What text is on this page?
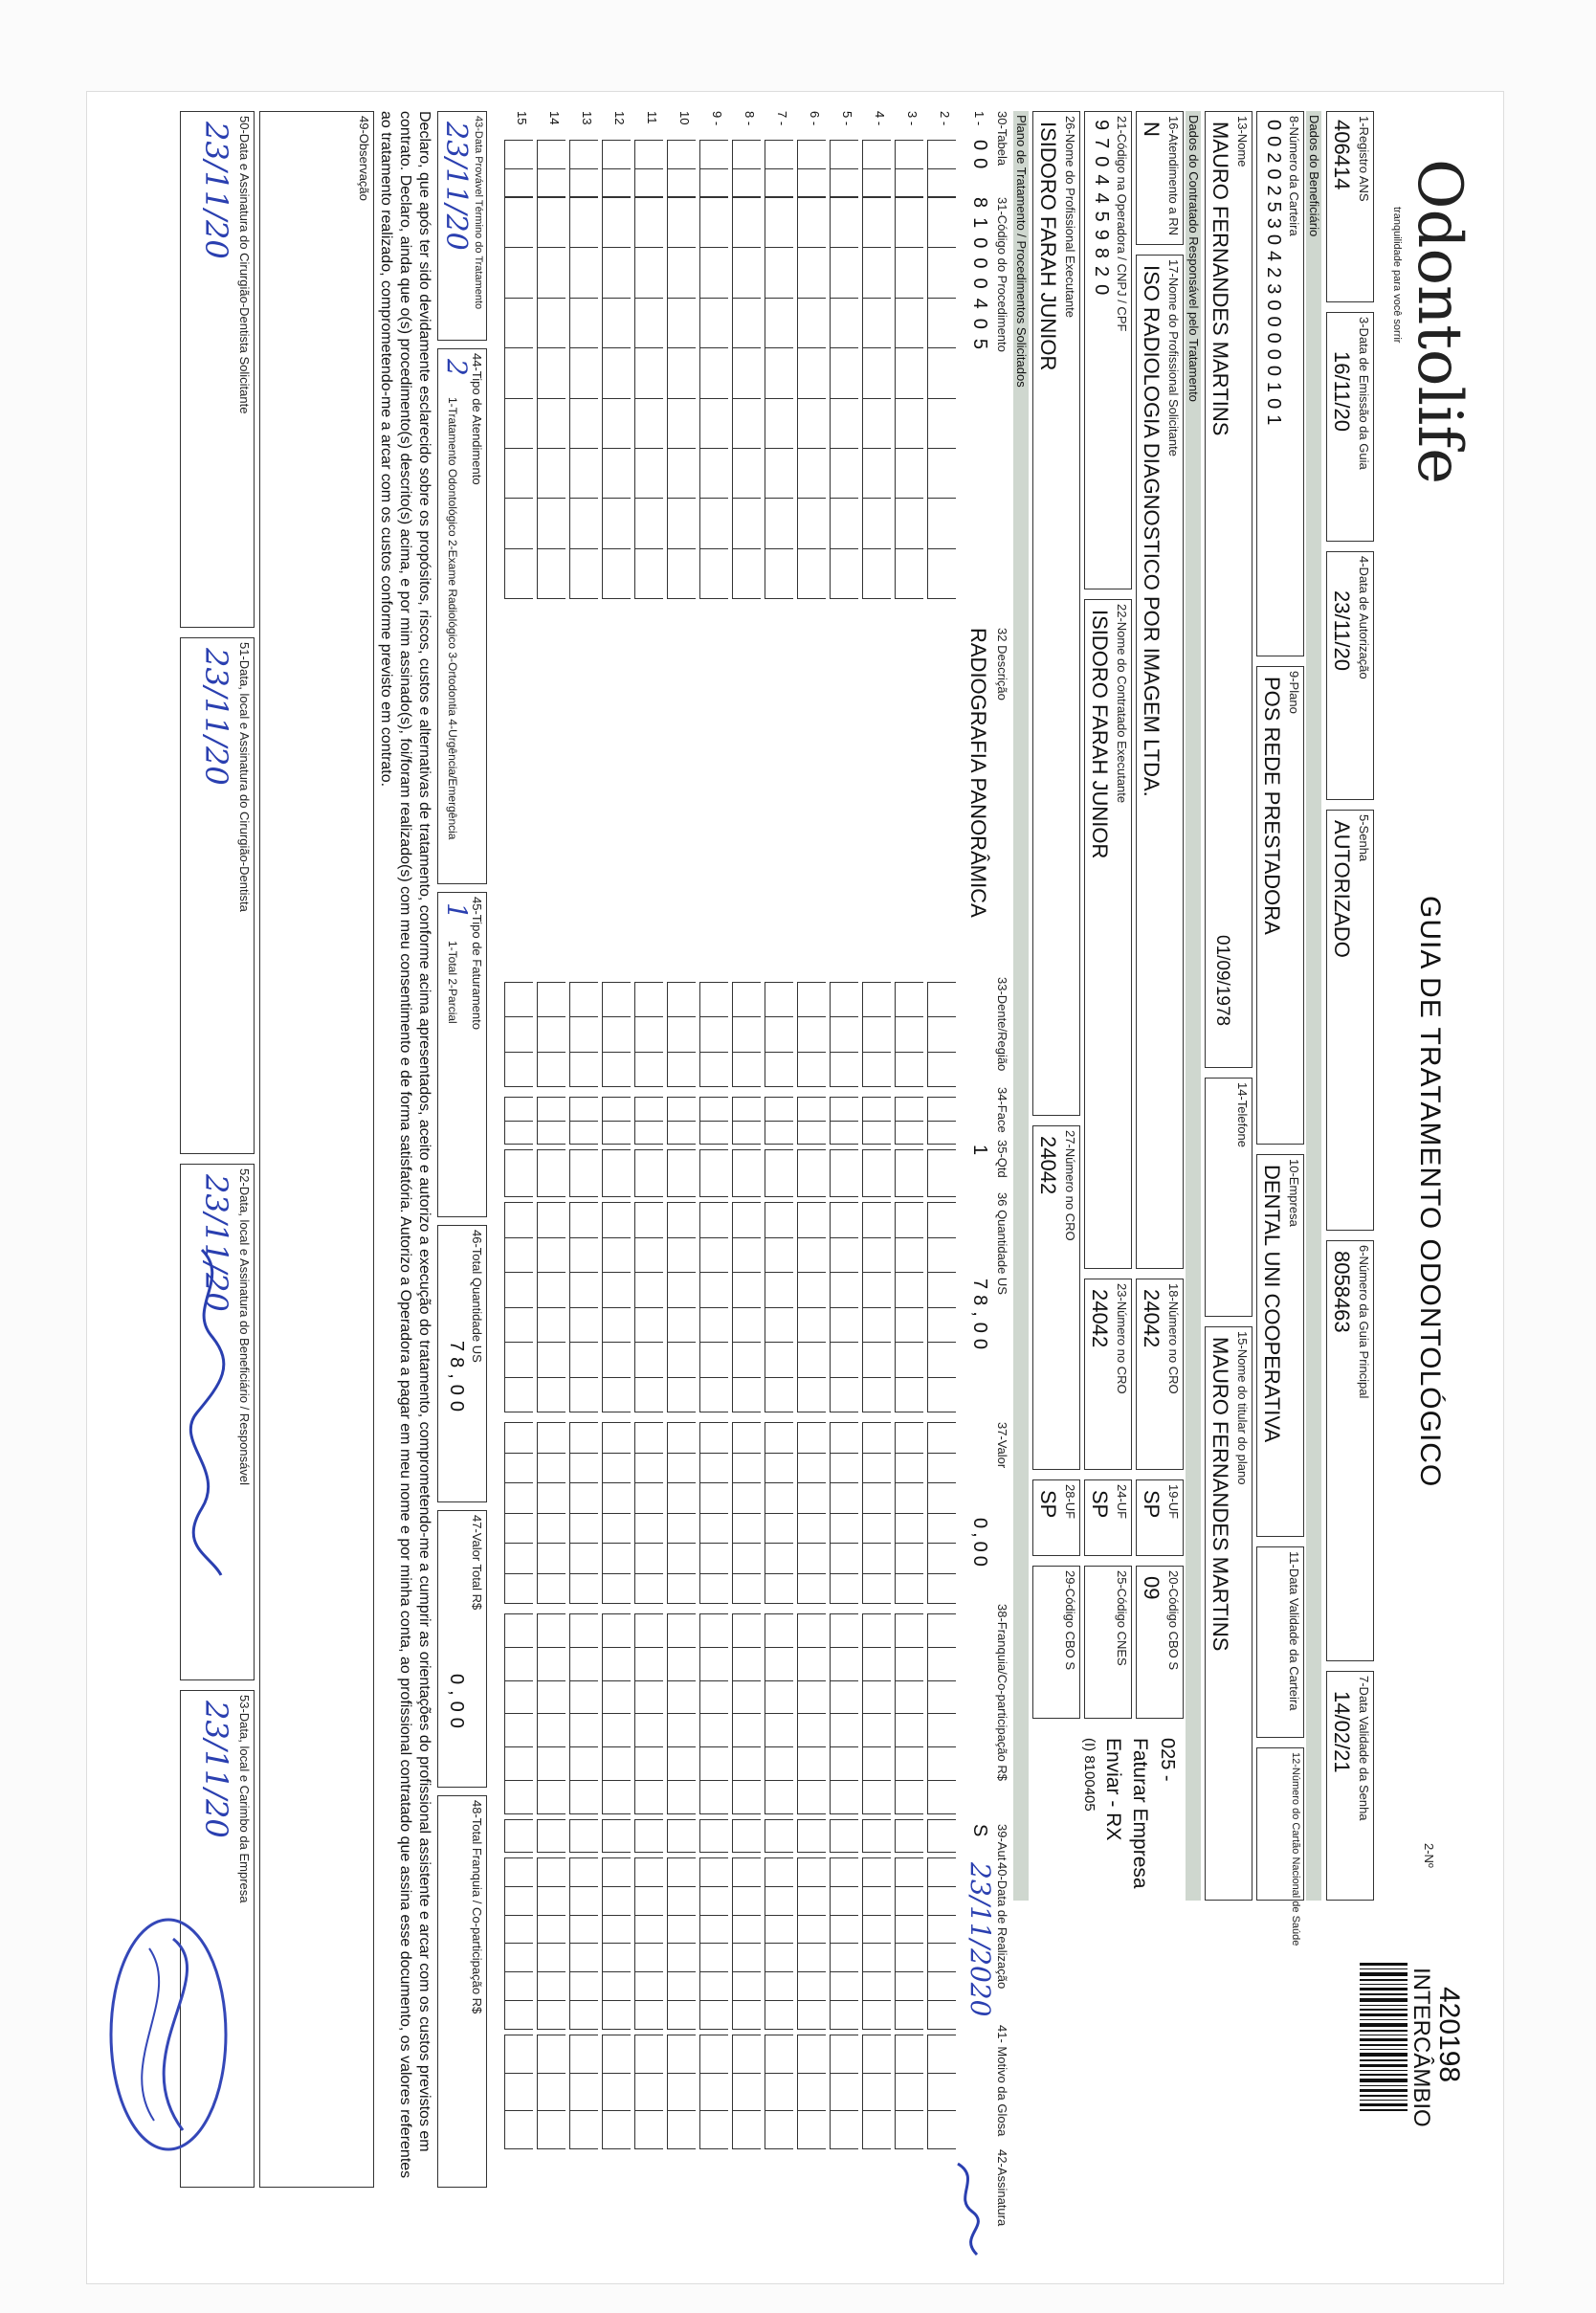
Odontolife
tranquilidade para você sorrir
GUIA DE TRATAMENTO ODONTOLÓGICO
2-Nº
420198
INTERCÂMBIO
1-Registro ANS
406414
3-Data de Emissão da Guia
16/11/20
4-Data de Autorização
23/11/20
5-Senha
AUTORIZADO
6-Número da Guia Principal
8058463
7-Data Validade da Senha
14/02/21
Dados do Beneficiário
8-Número da Carteira
0020253042300000101
9-Plano
POS REDE PRESTADORA
10-Empresa
DENTAL UNI COOPERATIVA
11-Data Validade da Carteira
12-Número do Cartão Nacional de Saúde
13-Nome
MAURO FERNANDES MARTINS
01/09/1978
14-Telefone
15-Nome do titular do plano
MAURO FERNANDES MARTINS
Dados do Contratado Responsável pelo Tratamento
16-Atendimento a RN
N
17-Nome do Profissional Solicitante
ISO RADIOLOGIA DIAGNOSTICO POR IMAGEM LTDA.
18-Número no CRO
24042
19-UF
SP
20-Código CBO S
09
025 -
21-Código na Operadora / CNPJ / CPF
9704459820
22-Nome do Contratado Executante
ISIDORO FARAH JUNIOR
23-Número no CRO
24042
24-UF
SP
25-Código CNES
Faturar Empresa
Enviar - RX
(I) 8100405
26-Nome do Profissional Executante
ISIDORO FARAH JUNIOR
27-Número no CRO
24042
28-UF
SP
29-Código CBO S
Plano de Tratamento / Procedimentos Solicitados
30-Tabela
31-Código do Procedimento
32 Descrição
33-Dente/Região
34-Face
35-Qtd
36 Quantidade US
37-Valor
38-Franquia/Co-participação R$
39-Aut
40-Data de Realização
41- Motivo da Glosa
42-Assinatura
1 -
00
81000405
RADIOGRAFIA PANORÂMICA
1
78,00
0,00
S
23/11/2020
2 -
3 -
4 -
5 -
6 -
7 -
8 -
9 -
10
11
12
13
14
15
43-Data Provável Término do Tratamento
23/11/20
44-Tipo de Atendimento
2
1-Tratamento Odontológico 2-Exame Radiológico 3-Ortodontia 4-Urgência/Emergência
45-Tipo de Faturamento
1
1-Total 2-Parcial
46-Total Quantidade US
78,00
47-Valor Total R$
0,00
48-Total Franquia / Co-participação R$
Declaro, que após ter sido devidamente esclarecido sobre os propósitos, riscos, custos e alternativas de tratamento, conforme acima apresentados, aceito e autorizo a execução do tratamento, comprometendo-me a cumprir as orientações do profissional assistente e arcar com os custos previstos em contrato. Declaro, ainda que o(s) procedimento(s) descrito(s) acima, e por mim assinado(s), foi/foram realizado(s) com meu consentimento e de forma satisfatória. Autorizo a Operadora a pagar em meu nome e por minha conta, ao profissional contratado que assina esse documento, os valores referentes ao tratamento realizado, comprometendo-me a arcar com os custos conforme previsto em contrato.
49-Observação
50-Data e Assinatura do Cirurgião-Dentista Solicitante
23/11/20
51-Data, local e Assinatura do Cirurgião-Dentista
23/11/20
52-Data, local e Assinatura do Beneficiário / Responsável
23/11/20
53-Data, local e Carimbo da Empresa
23/11/20
